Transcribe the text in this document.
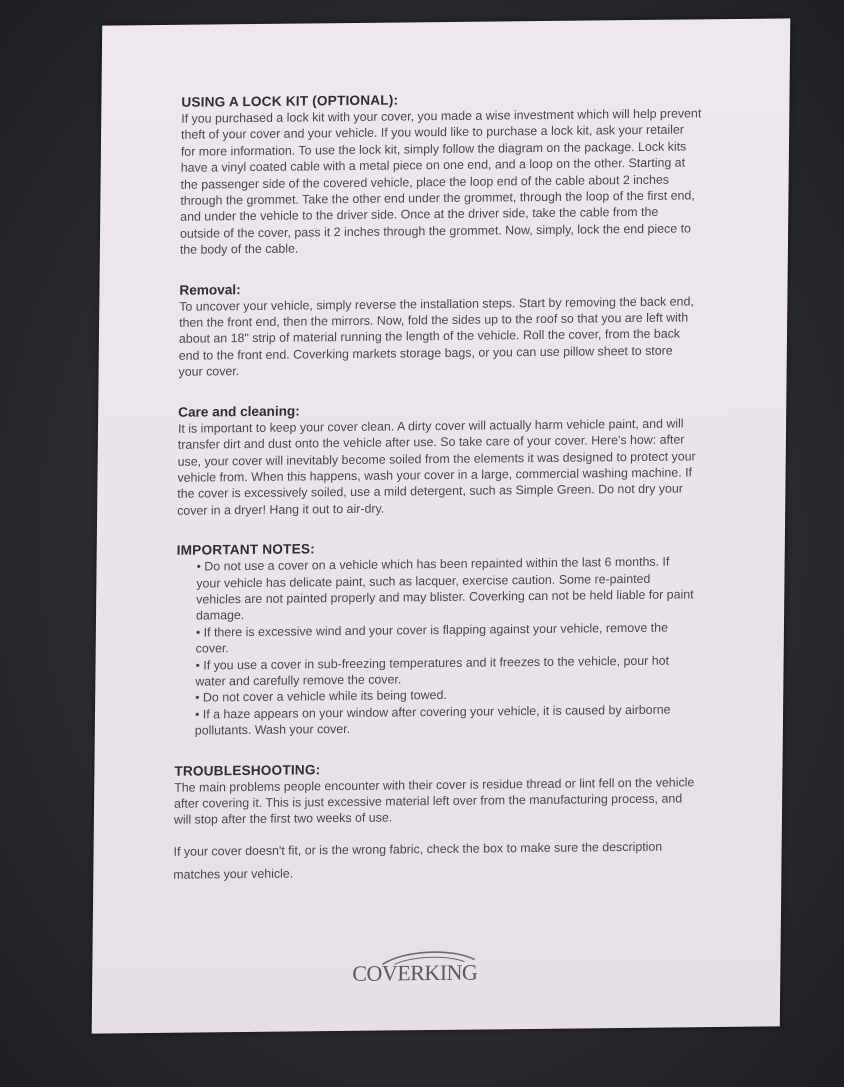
USING A LOCK KIT (OPTIONAL):

If you purchased a lock kit with your cover, you made a wise investment which will help prevent theft of your cover and your vehicle. If you would like to purchase a lock kit, ask your retailer for more information. To use the lock kit, simply follow the diagram on the package. Lock kits have a vinyl coated cable with a metal piece on one end, and a loop on the other. Starting at the passenger side of the covered vehicle, place the loop end of the cable about 2 inches through the grommet. Take the other end under the grommet, through the loop of the first end, and under the vehicle to the driver side. Once at the driver side, take the cable from the outside of the cover, pass it 2 inches through the grommet. Now, simply, lock the end piece to the body of the cable.

Removal:

To uncover your vehicle, simply reverse the installation steps. Start by removing the back end, then the front end, then the mirrors. Now, fold the sides up to the roof so that you are left with about an 18" strip of material running the length of the vehicle. Roll the cover, from the back end to the front end. Coverking markets storage bags, or you can use pillow sheet to store your cover.

Care and cleaning:

It is important to keep your cover clean. A dirty cover will actually harm vehicle paint, and will transfer dirt and dust onto the vehicle after use. So take care of your cover. Here's how: after use, your cover will inevitably become soiled from the elements it was designed to protect your vehicle from. When this happens, wash your cover in a large, commercial washing machine. If the cover is excessively soiled, use a mild detergent, such as Simple Green. Do not dry your cover in a dryer! Hang it out to air-dry.

IMPORTANT NOTES:

• Do not use a cover on a vehicle which has been repainted within the last 6 months. If your vehicle has delicate paint, such as lacquer, exercise caution. Some re-painted vehicles are not painted properly and may blister. Coverking can not be held liable for paint damage.

• If there is excessive wind and your cover is flapping against your vehicle, remove the cover.

• If you use a cover in sub-freezing temperatures and it freezes to the vehicle, pour hot water and carefully remove the cover.

• Do not cover a vehicle while its being towed.

• If a haze appears on your window after covering your vehicle, it is caused by airborne pollutants. Wash your cover.

TROUBLESHOOTING:

The main problems people encounter with their cover is residue thread or lint fell on the vehicle after covering it. This is just excessive material left over from the manufacturing process, and will stop after the first two weeks of use.

If your cover doesn't fit, or is the wrong fabric, check the box to make sure the description matches your vehicle.

COVERKING
